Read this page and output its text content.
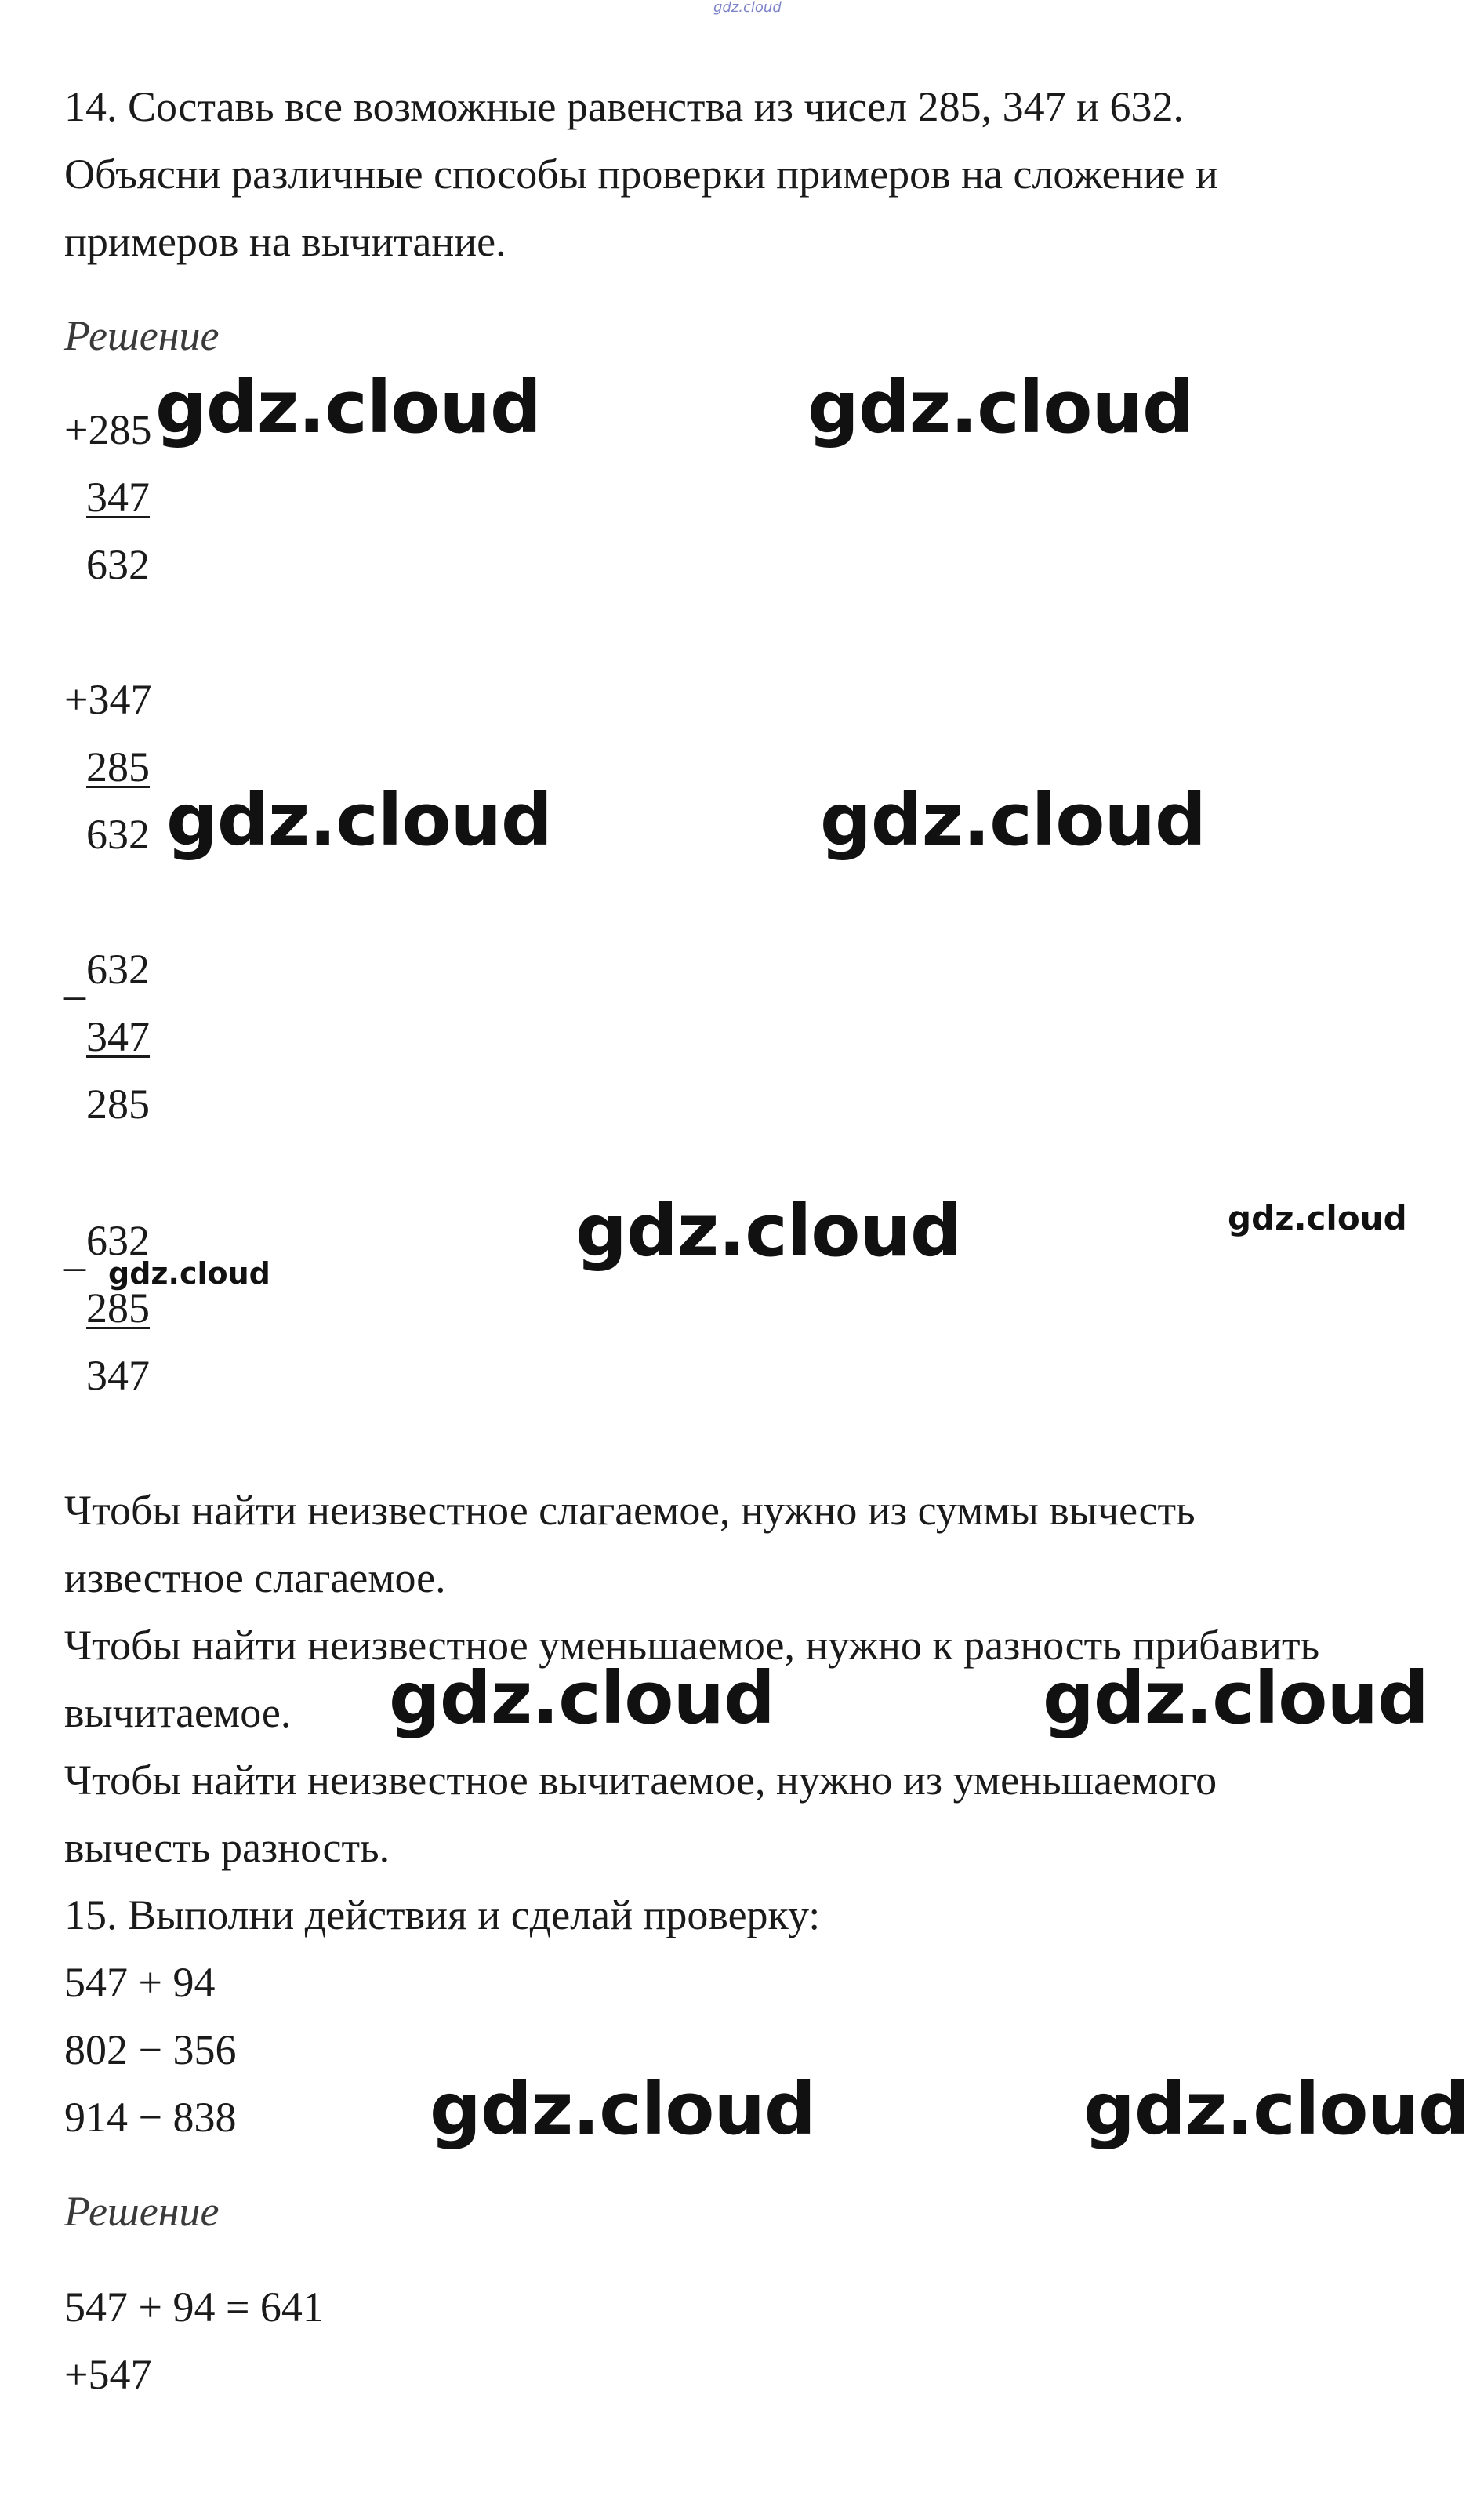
gdz.cloud
14. Составь все возможные равенства из чисел 285, 347 и 632.
Объясни различные способы проверки примеров на сложение и
примеров на вычитание.
Решение
+285
347
632
+347
285
632
_ 632
347
285
_ 632
285
347
Чтобы найти неизвестное слагаемое, нужно из суммы вычесть
известное слагаемое.
Чтобы найти неизвестное уменьшаемое, нужно к разность прибавить
вычитаемое.
Чтобы найти неизвестное вычитаемое, нужно из уменьшаемого
вычесть разность.
15. Выполни действия и сделай проверку:
547 + 94
802 − 356
914 − 838
Решение
547 + 94 = 641
+547
gdz.cloud	gdz.cloud
gdz.cloud	gdz.cloud
gdz.cloud	gdz.cloud
gdz.cloud
gdz.cloud	gdz.cloud
gdz.cloud	gdz.cloud
